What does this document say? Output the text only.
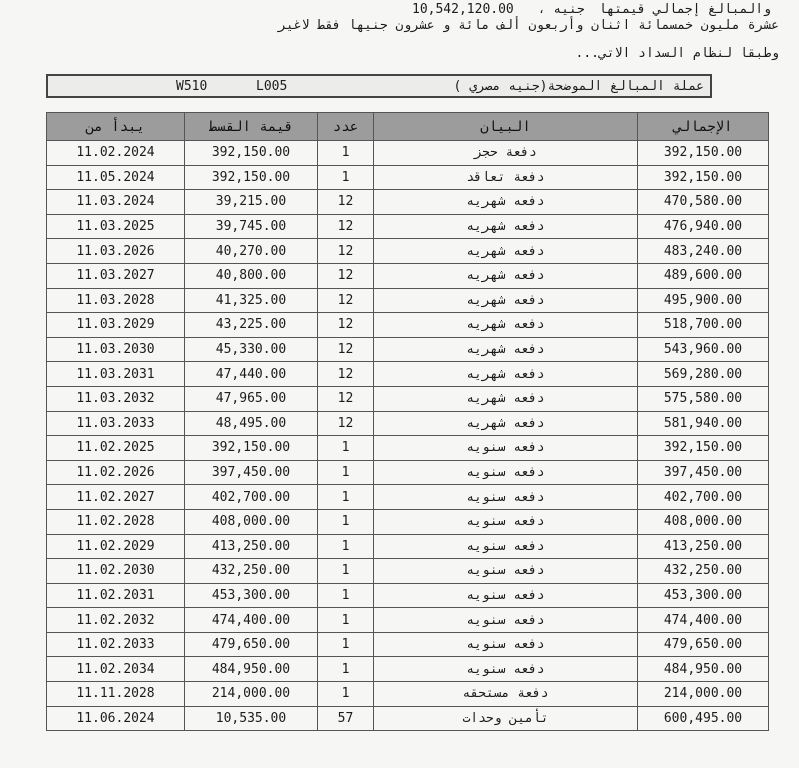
جنيه ،10,542,120.00	والمبالغ إجمالي قيمتها
عشرة مليون خمسمائة اثنان وأربعون ألف مائة و عشرون جنيها فقط لاغير
وطبقا لنظام السداد الاتي...
W510	L005	عملة المبالغ الموضحة(جنيه مصري )
يبدأ من	قيمة القسط	عدد	البيان	الإجمالي
11.02.2024	392,150.00	1	دفعة حجز	392,150.00
11.05.2024	392,150.00	1	دفعة تعاقد	392,150.00
11.03.2024	39,215.00	12	دفعه شهريه	470,580.00
11.03.2025	39,745.00	12	دفعه شهريه	476,940.00
11.03.2026	40,270.00	12	دفعه شهريه	483,240.00
11.03.2027	40,800.00	12	دفعه شهريه	489,600.00
11.03.2028	41,325.00	12	دفعه شهريه	495,900.00
11.03.2029	43,225.00	12	دفعه شهريه	518,700.00
11.03.2030	45,330.00	12	دفعه شهريه	543,960.00
11.03.2031	47,440.00	12	دفعه شهريه	569,280.00
11.03.2032	47,965.00	12	دفعه شهريه	575,580.00
11.03.2033	48,495.00	12	دفعه شهريه	581,940.00
11.02.2025	392,150.00	1	دفعه سنويه	392,150.00
11.02.2026	397,450.00	1	دفعه سنويه	397,450.00
11.02.2027	402,700.00	1	دفعه سنويه	402,700.00
11.02.2028	408,000.00	1	دفعه سنويه	408,000.00
11.02.2029	413,250.00	1	دفعه سنويه	413,250.00
11.02.2030	432,250.00	1	دفعه سنويه	432,250.00
11.02.2031	453,300.00	1	دفعه سنويه	453,300.00
11.02.2032	474,400.00	1	دفعه سنويه	474,400.00
11.02.2033	479,650.00	1	دفعه سنويه	479,650.00
11.02.2034	484,950.00	1	دفعه سنويه	484,950.00
11.11.2028	214,000.00	1	دفعة مستحقه	214,000.00
11.06.2024	10,535.00	57	تأمين وحدات	600,495.00
